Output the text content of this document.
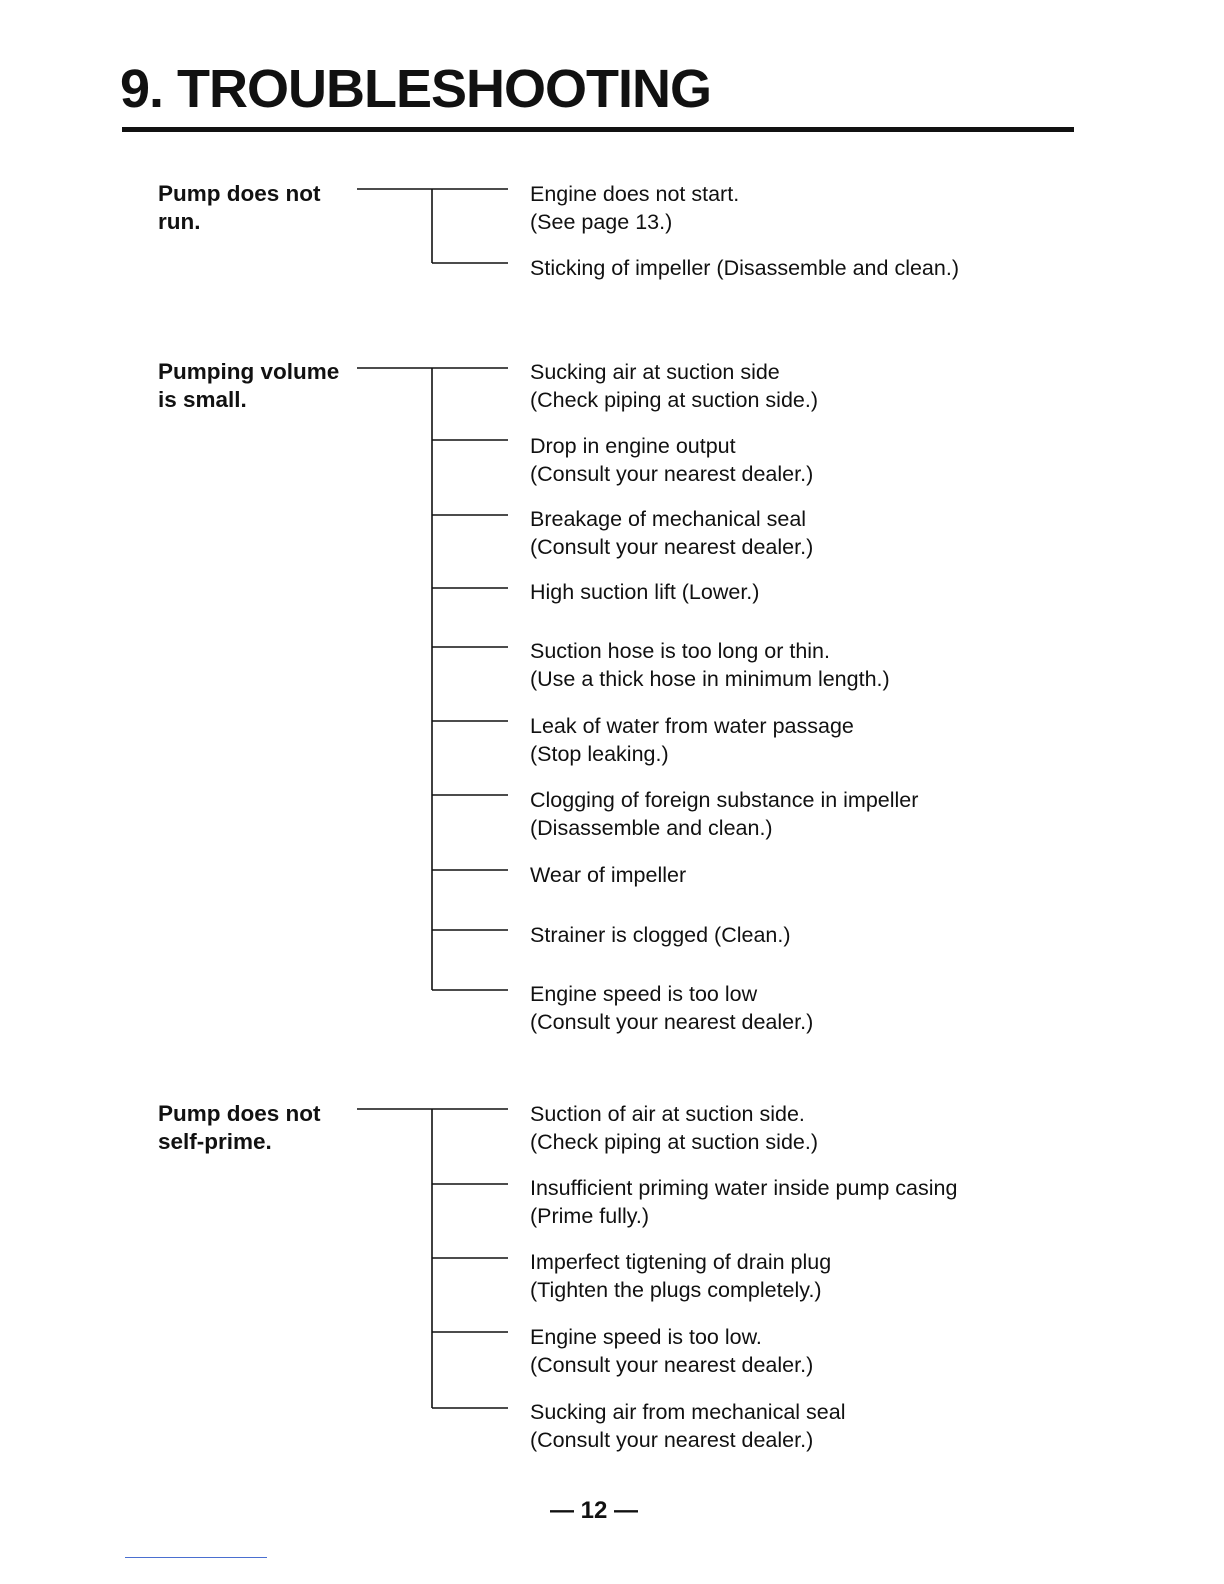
9. TROUBLESHOOTING
Pump does not
run.
Engine does not start.
(See page 13.)
Sticking of impeller (Disassemble and clean.)
Pumping volume
is small.
Sucking air at suction side
(Check piping at suction side.)
Drop in engine output
(Consult your nearest dealer.)
Breakage of mechanical seal
(Consult your nearest dealer.)
High suction lift (Lower.)
Suction hose is too long or thin.
(Use a thick hose in minimum length.)
Leak of water from water passage
(Stop leaking.)
Clogging of foreign substance in impeller
(Disassemble and clean.)
Wear of impeller
Strainer is clogged (Clean.)
Engine speed is too low
(Consult your nearest dealer.)
Pump does not
self-prime.
Suction of air at suction side.
(Check piping at suction side.)
Insufficient priming water inside pump casing
(Prime fully.)
Imperfect tigtening of drain plug
(Tighten the plugs completely.)
Engine speed is too low.
(Consult your nearest dealer.)
Sucking air from mechanical seal
(Consult your nearest dealer.)
— 12 —
